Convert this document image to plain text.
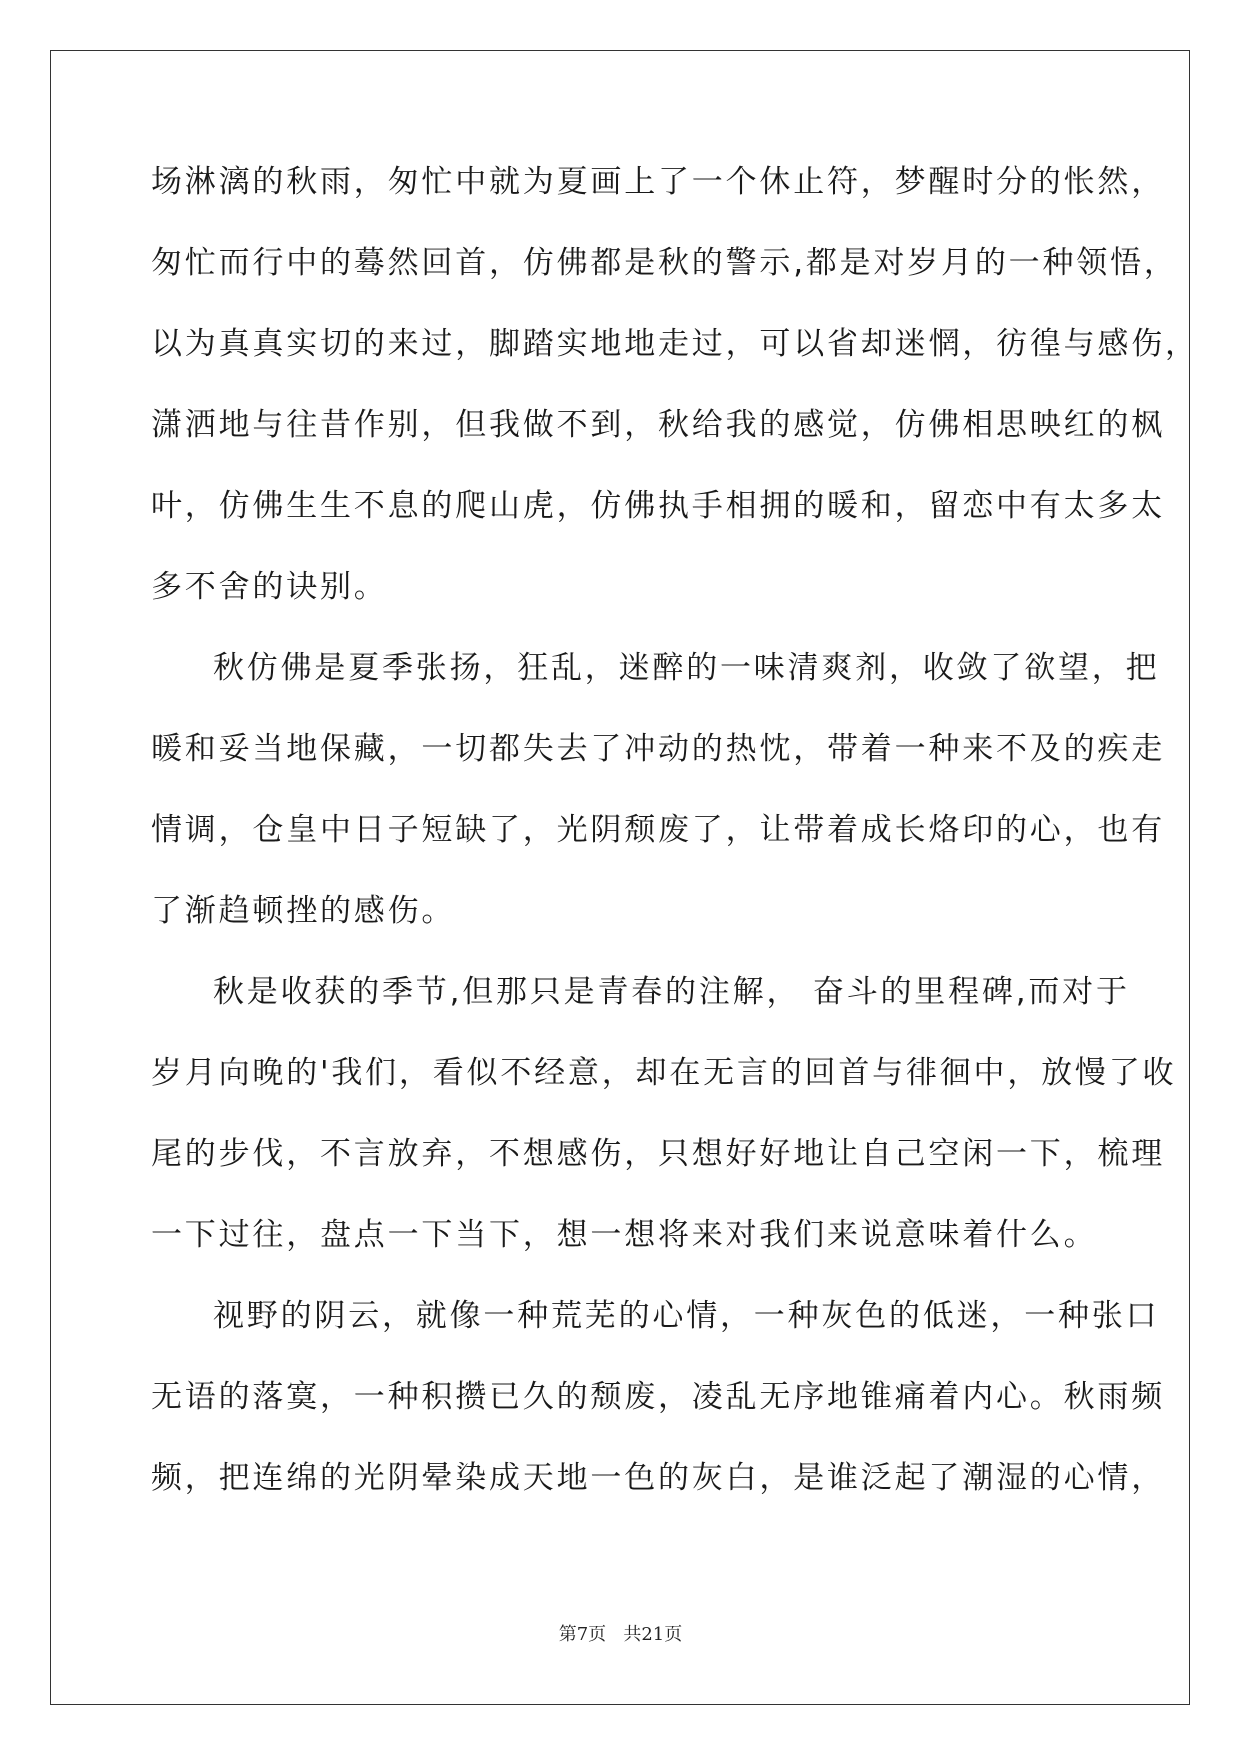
场淋漓的秋雨，匆忙中就为夏画上了一个休止符，梦醒时分的怅然，
匆忙而行中的蓦然回首，仿佛都是秋的警示,都是对岁月的一种领悟，
以为真真实切的来过，脚踏实地地走过，可以省却迷惘，彷徨与感伤，
潇洒地与往昔作别，但我做不到，秋给我的感觉，仿佛相思映红的枫
叶，仿佛生生不息的爬山虎，仿佛执手相拥的暖和，留恋中有太多太
多不舍的诀别。
秋仿佛是夏季张扬，狂乱，迷醉的一味清爽剂，收敛了欲望，把
暖和妥当地保藏，一切都失去了冲动的热忱，带着一种来不及的疾走
情调，仓皇中日子短缺了，光阴颓废了，让带着成长烙印的心，也有
了渐趋顿挫的感伤。
秋是收获的季节,但那只是青春的注解， 奋斗的里程碑,而对于
岁月向晚的'我们，看似不经意，却在无言的回首与徘徊中，放慢了收
尾的步伐，不言放弃，不想感伤，只想好好地让自己空闲一下，梳理
一下过往，盘点一下当下，想一想将来对我们来说意味着什么。
视野的阴云，就像一种荒芜的心情，一种灰色的低迷，一种张口
无语的落寞，一种积攒已久的颓废，凌乱无序地锥痛着内心。秋雨频
频，把连绵的光阴晕染成天地一色的灰白，是谁泛起了潮湿的心情，
第7页 共21页
